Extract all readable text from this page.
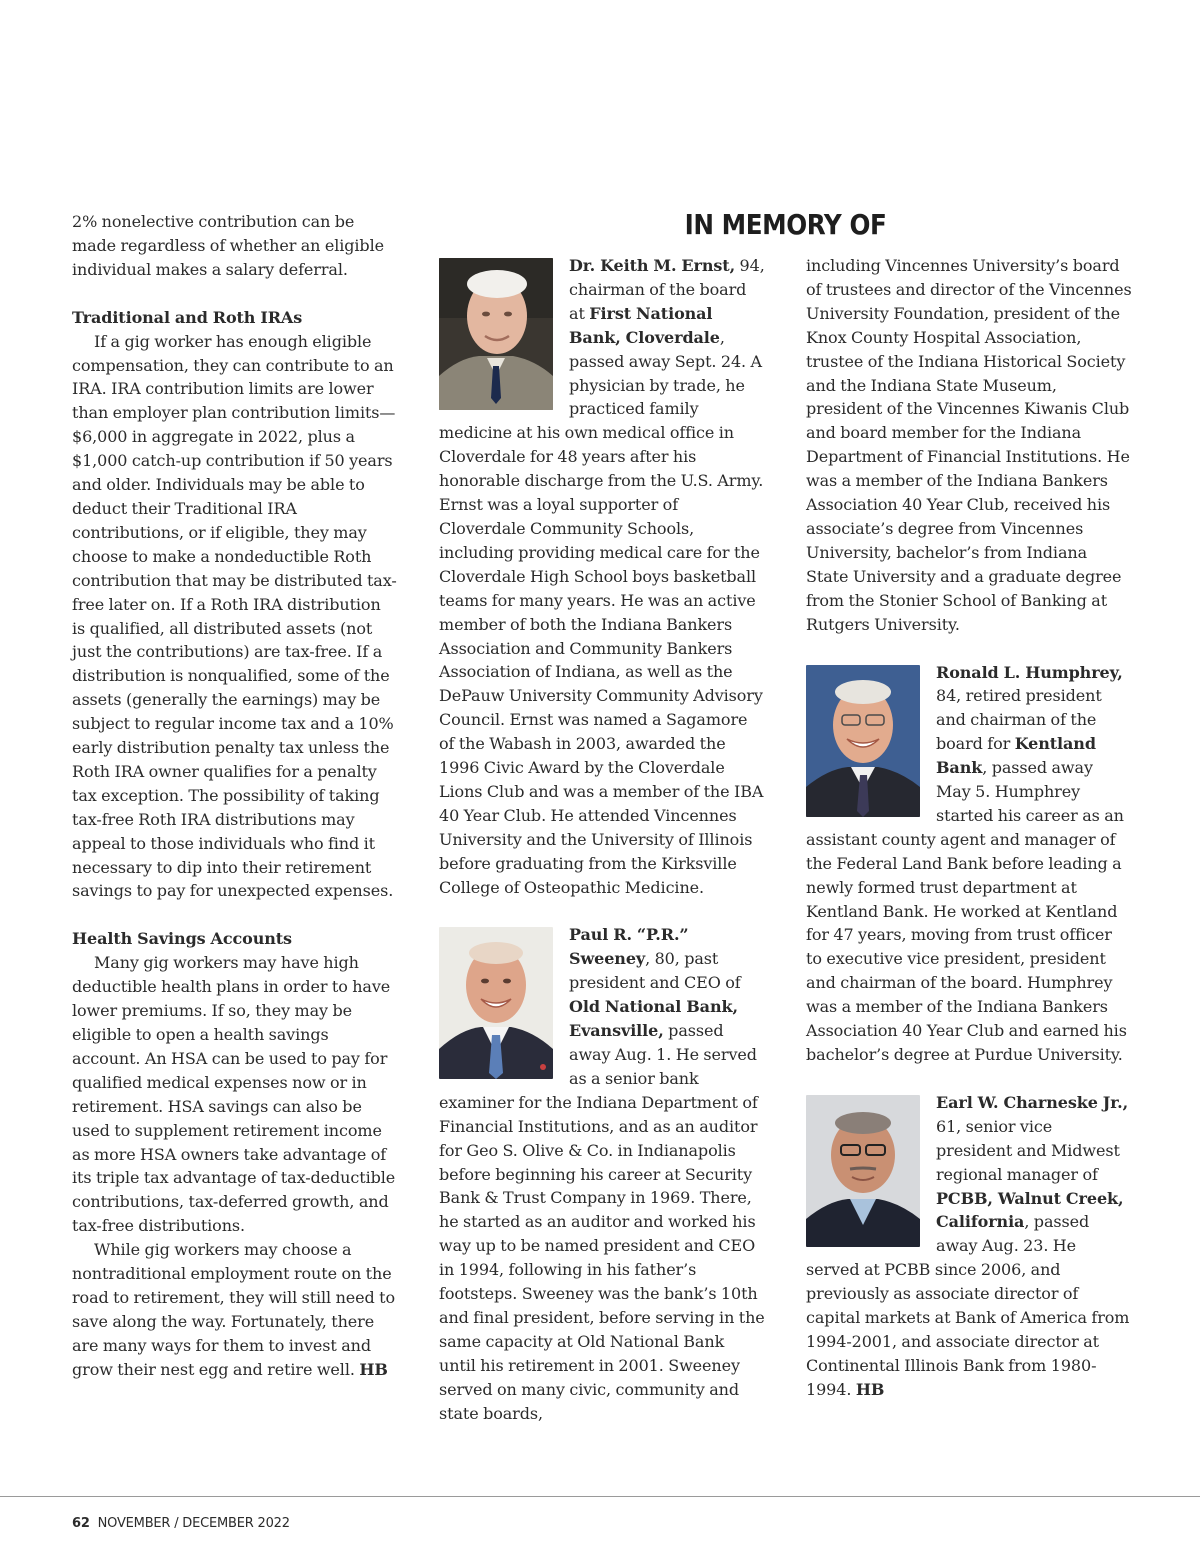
2% nonelective contribution can be made regardless of whether an eligible individual makes a salary deferral.

Traditional and Roth IRAs

If a gig worker has enough eligible compensation, they can contribute to an IRA. IRA contribution limits are lower than employer plan contribution limits—$6,000 in aggregate in 2022, plus a $1,000 catch-up contribution if 50 years and older. Individuals may be able to deduct their Traditional IRA contributions, or if eligible, they may choose to make a nondeductible Roth contribution that may be distributed tax-free later on. If a Roth IRA distribution is qualified, all distributed assets (not just the contributions) are tax-free. If a distribution is nonqualified, some of the assets (generally the earnings) may be subject to regular income tax and a 10% early distribution penalty tax unless the Roth IRA owner qualifies for a penalty tax exception. The possibility of taking tax-free Roth IRA distributions may appeal to those individuals who find it necessary to dip into their retirement savings to pay for unexpected expenses.

Health Savings Accounts

Many gig workers may have high deductible health plans in order to have lower premiums. If so, they may be eligible to open a health savings account. An HSA can be used to pay for qualified medical expenses now or in retirement. HSA savings can also be used to supplement retirement income as more HSA owners take advantage of its triple tax advantage of tax-deductible contributions, tax-deferred growth, and tax-free distributions.

While gig workers may choose a nontraditional employment route on the road to retirement, they will still need to save along the way. Fortunately, there are many ways for them to invest and grow their nest egg and retire well. HB

IN MEMORY OF

Dr. Keith M. Ernst, 94, chairman of the board at First National Bank, Cloverdale, passed away Sept. 24. A physician by trade, he practiced family medicine at his own medical office in Cloverdale for 48 years after his honorable discharge from the U.S. Army. Ernst was a loyal supporter of Cloverdale Community Schools, including providing medical care for the Cloverdale High School boys basketball teams for many years. He was an active member of both the Indiana Bankers Association and Community Bankers Association of Indiana, as well as the DePauw University Community Advisory Council. Ernst was named a Sagamore of the Wabash in 2003, awarded the 1996 Civic Award by the Cloverdale Lions Club and was a member of the IBA 40 Year Club. He attended Vincennes University and the University of Illinois before graduating from the Kirksville College of Osteopathic Medicine.

Paul R. “P.R.” Sweeney, 80, past president and CEO of Old National Bank, Evansville, passed away Aug. 1. He served as a senior bank examiner for the Indiana Department of Financial Institutions, and as an auditor for Geo S. Olive & Co. in Indianapolis before beginning his career at Security Bank & Trust Company in 1969. There, he started as an auditor and worked his way up to be named president and CEO in 1994, following in his father’s footsteps. Sweeney was the bank’s 10th and final president, before serving in the same capacity at Old National Bank until his retirement in 2001. Sweeney served on many civic, community and state boards,

including Vincennes University’s board of trustees and director of the Vincennes University Foundation, president of the Knox County Hospital Association, trustee of the Indiana Historical Society and the Indiana State Museum, president of the Vincennes Kiwanis Club and board member for the Indiana Department of Financial Institutions. He was a member of the Indiana Bankers Association 40 Year Club, received his associate’s degree from Vincennes University, bachelor’s from Indiana State University and a graduate degree from the Stonier School of Banking at Rutgers University.

Ronald L. Humphrey, 84, retired president and chairman of the board for Kentland Bank, passed away May 5. Humphrey started his career as an assistant county agent and manager of the Federal Land Bank before leading a newly formed trust department at Kentland Bank. He worked at Kentland for 47 years, moving from trust officer to executive vice president, president and chairman of the board. Humphrey was a member of the Indiana Bankers Association 40 Year Club and earned his bachelor’s degree at Purdue University.

Earl W. Charneske Jr., 61, senior vice president and Midwest regional manager of PCBB, Walnut Creek, California, passed away Aug. 23. He served at PCBB since 2006, and previously as associate director of capital markets at Bank of America from 1994-2001, and associate director at Continental Illinois Bank from 1980-1994. HB

62 NOVEMBER / DECEMBER 2022
